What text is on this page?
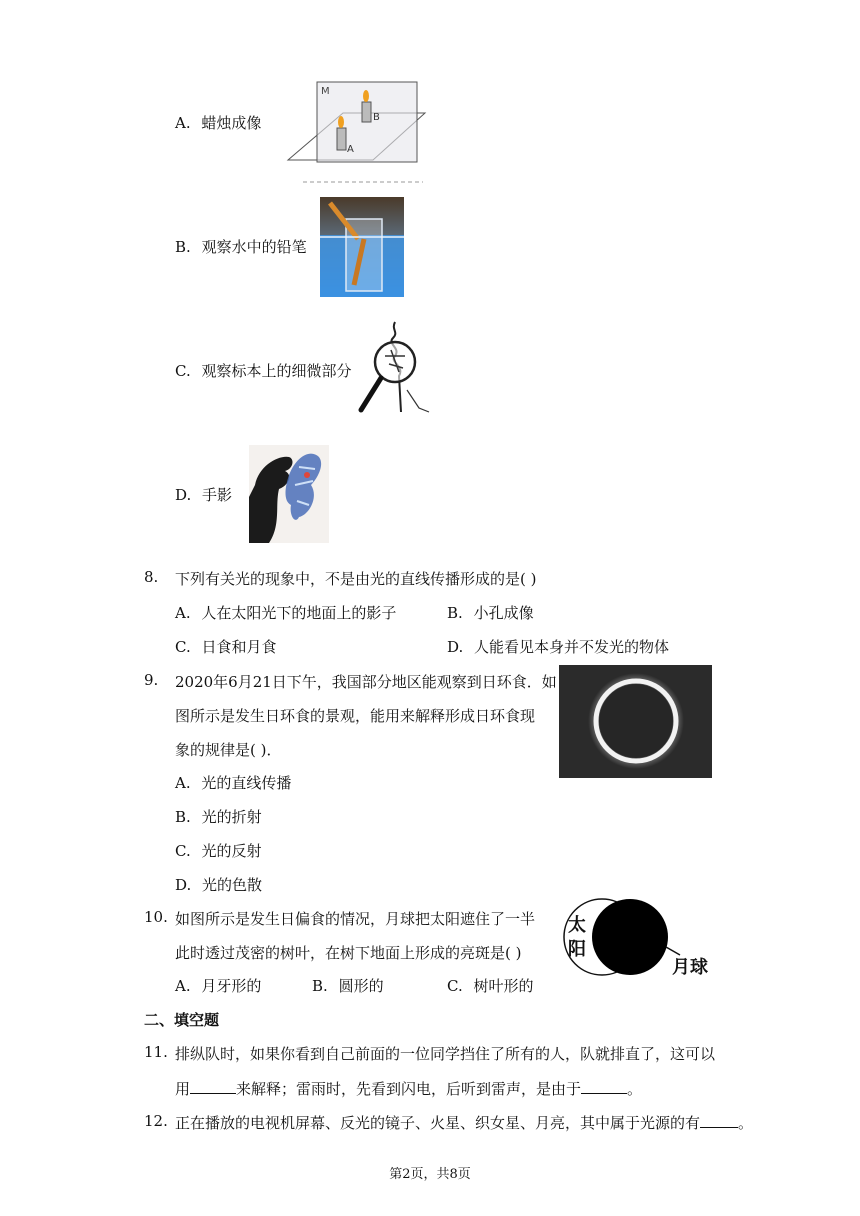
A. 蜡烛成像
M
B
A
B. 观察水中的铅笔
C. 观察标本上的细微部分
D. 手影
8. 下列有关光的现象中，不是由光的直线传播形成的是( )
A. 人在太阳光下的地面上的影子	B. 小孔成像
C. 日食和月食	D. 人能看见本身并不发光的物体
9. 2020年6月21日下午，我国部分地区能观察到日环食．如
图所示是发生日环食的景观，能用来解释形成日环食现
象的规律是( )．
A. 光的直线传播
B. 光的折射
C. 光的反射
D. 光的色散
10. 如图所示是发生日偏食的情况，月球把太阳遮住了一半
此时透过茂密的树叶，在树下地面上形成的亮斑是( )
太
阳
月球
A. 月牙形的	B. 圆形的	C. 树叶形的
二、填空题
11. 排纵队时，如果你看到自己前面的一位同学挡住了所有的人，队就排直了，这可以
用	来解释；雷雨时，先看到闪电，后听到雷声，是由于	。
12. 正在播放的电视机屏幕、反光的镜子、火星、织女星、月亮，其中属于光源的有	。
第2页，共8页
